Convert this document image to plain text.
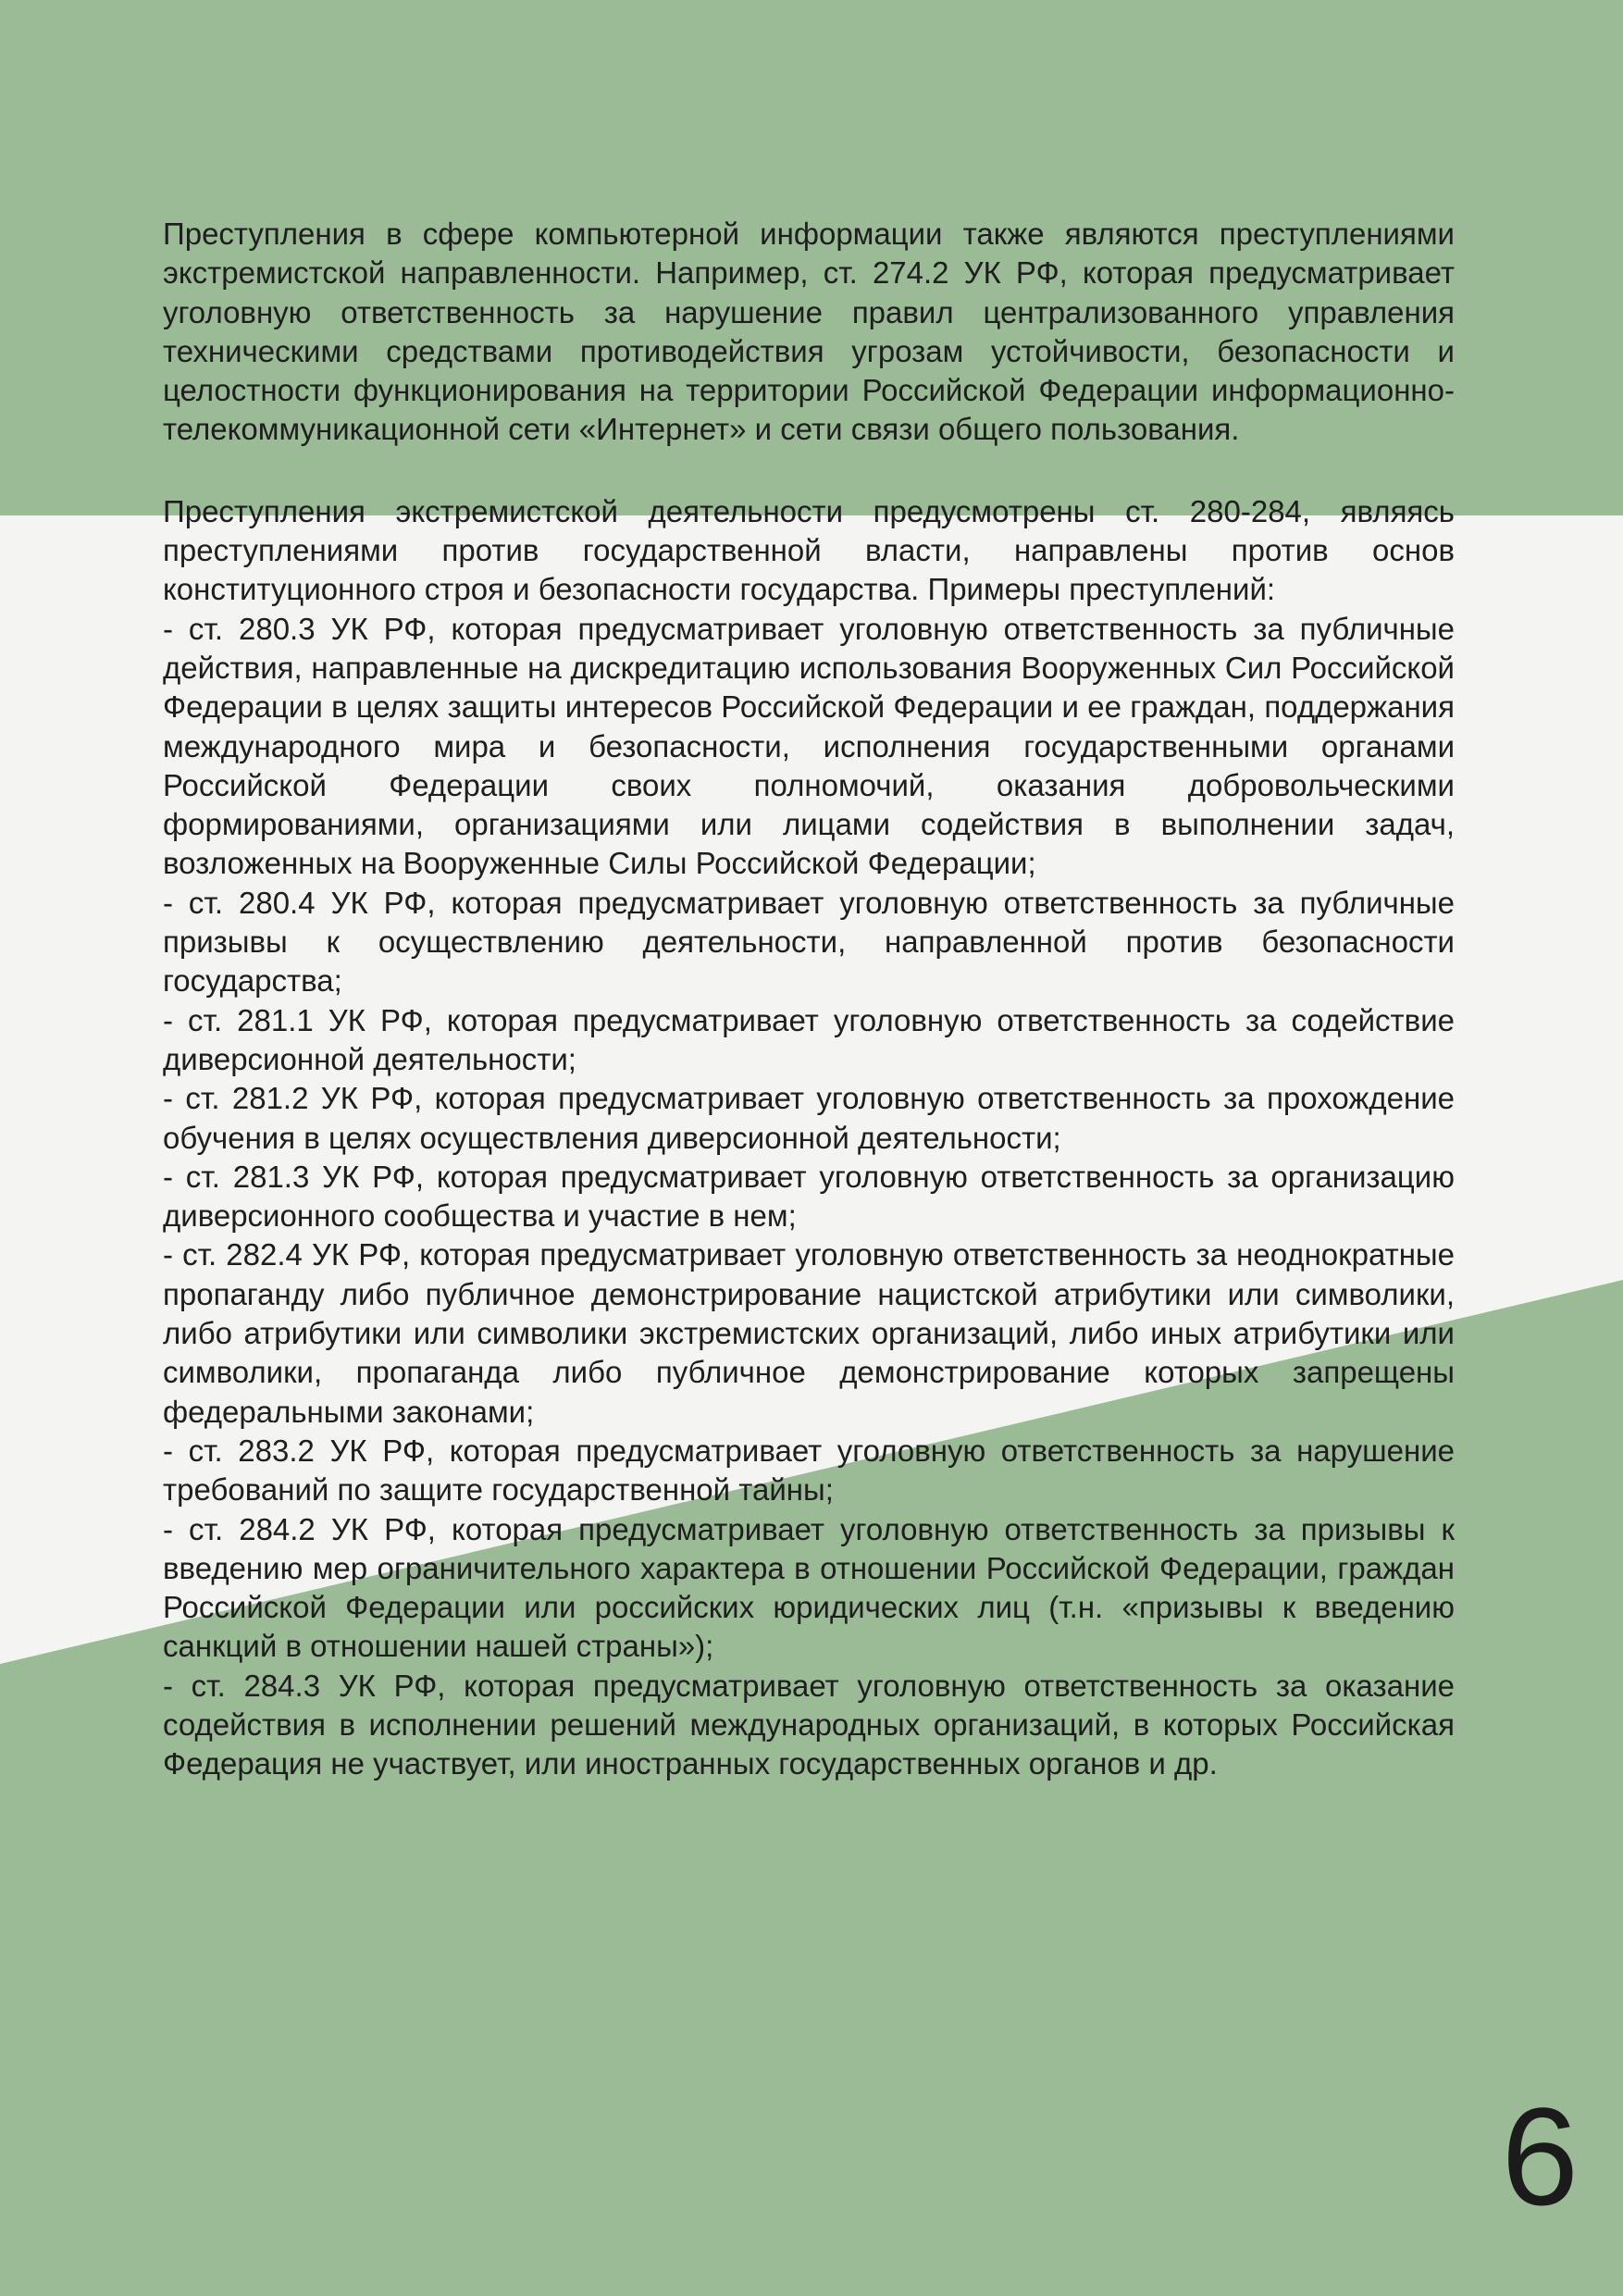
Преступления в сфере компьютерной информации также являются преступлениями экстремистской направленности. Например, ст. 274.2 УК РФ, которая предусматривает уголовную ответственность за нарушение правил централизованного управления техническими средствами противодействия угрозам устойчивости, безопасности и целостности функционирования на территории Российской Федерации информационно-телекоммуникационной сети «Интернет» и сети связи общего пользования.

Преступления экстремистской деятельности предусмотрены ст. 280-284, являясь преступлениями против государственной власти, направлены против основ конституционного строя и безопасности государства. Примеры преступлений:

- ст. 280.3 УК РФ, которая предусматривает уголовную ответственность за публичные действия, направленные на дискредитацию использования Вооруженных Сил Российской Федерации в целях защиты интересов Российской Федерации и ее граждан, поддержания международного мира и безопасности, исполнения государственными органами Российской Федерации своих полномочий, оказания добровольческими формированиями, организациями или лицами содействия в выполнении задач, возложенных на Вооруженные Силы Российской Федерации;

- ст. 280.4 УК РФ, которая предусматривает уголовную ответственность за публичные призывы к осуществлению деятельности, направленной против безопасности государства;

- ст. 281.1 УК РФ, которая предусматривает уголовную ответственность за содействие диверсионной деятельности;

- ст. 281.2 УК РФ, которая предусматривает уголовную ответственность за прохождение обучения в целях осуществления диверсионной деятельности;

- ст. 281.3 УК РФ, которая предусматривает уголовную ответственность за организацию диверсионного сообщества и участие в нем;

- ст. 282.4 УК РФ, которая предусматривает уголовную ответственность за неоднократные пропаганду либо публичное демонстрирование нацистской атрибутики или символики, либо атрибутики или символики экстремистских организаций, либо иных атрибутики или символики, пропаганда либо публичное демонстрирование которых запрещены федеральными законами;

- ст. 283.2 УК РФ, которая предусматривает уголовную ответственность за нарушение требований по защите государственной тайны;

- ст. 284.2 УК РФ, которая предусматривает уголовную ответственность за призывы к введению мер ограничительного характера в отношении Российской Федерации, граждан Российской Федерации или российских юридических лиц (т.н. «призывы к введению санкций в отношении нашей страны»);

- ст. 284.3 УК РФ, которая предусматривает уголовную ответственность за оказание содействия в исполнении решений международных организаций, в которых Российская Федерация не участвует, или иностранных государственных органов и др.

6
